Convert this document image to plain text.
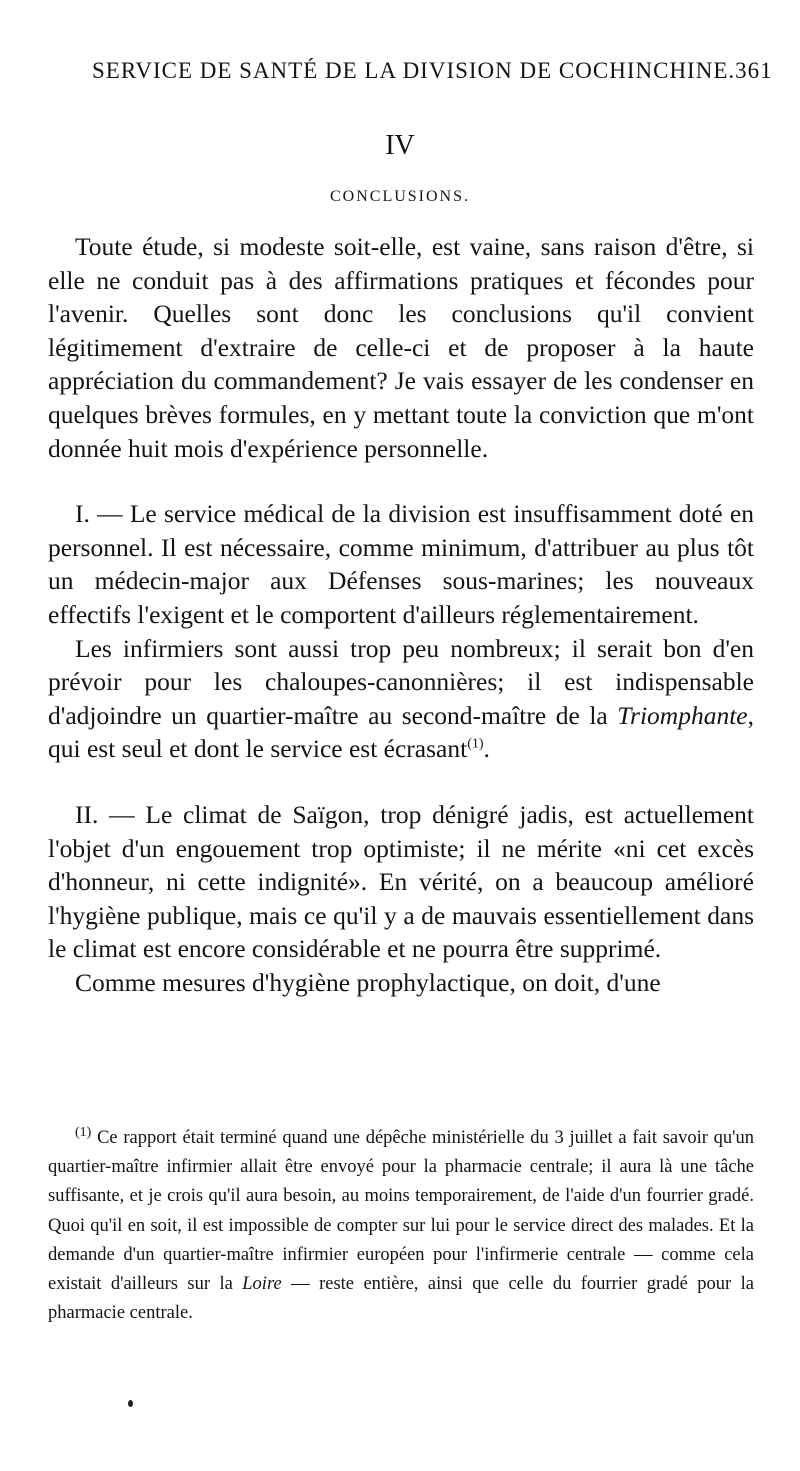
SERVICE DE SANTÉ DE LA DIVISION DE COCHINCHINE. 361
IV
CONCLUSIONS.

Toute étude, si modeste soit-elle, est vaine, sans raison d'être, si elle ne conduit pas à des affirmations pratiques et fécondes pour l'avenir. Quelles sont donc les conclusions qu'il convient légitimement d'extraire de celle-ci et de proposer à la haute appréciation du commandement? Je vais essayer de les condenser en quelques brèves formules, en y mettant toute la conviction que m'ont donnée huit mois d'expérience personnelle.

I. — Le service médical de la division est insuffisamment doté en personnel. Il est nécessaire, comme minimum, d'attribuer au plus tôt un médecin-major aux Défenses sous-marines; les nouveaux effectifs l'exigent et le comportent d'ailleurs réglementairement.

Les infirmiers sont aussi trop peu nombreux; il serait bon d'en prévoir pour les chaloupes-canonnières; il est indispensable d'adjoindre un quartier-maître au second-maître de la Triomphante, qui est seul et dont le service est écrasant$^{(1)}$.

II. — Le climat de Saïgon, trop dénigré jadis, est actuellement l'objet d'un engouement trop optimiste; il ne mérite «ni cet excès d'honneur, ni cette indignité». En vérité, on a beaucoup amélioré l'hygiène publique, mais ce qu'il y a de mauvais essentiellement dans le climat est encore considérable et ne pourra être supprimé.

Comme mesures d'hygiène prophylactique, on doit, d'une

$^{(1)}$ Ce rapport était terminé quand une dépêche ministérielle du 3 juillet a fait savoir qu'un quartier-maître infirmier allait être envoyé pour la pharmacie centrale; il aura là une tâche suffisante, et je crois qu'il aura besoin, au moins temporairement, de l'aide d'un fourrier gradé. Quoi qu'il en soit, il est impossible de compter sur lui pour le service direct des malades. Et la demande d'un quartier-maître infirmier européen pour l'infirmerie centrale — comme cela existait d'ailleurs sur la Loire — reste entière, ainsi que celle du fourrier gradé pour la pharmacie centrale.
